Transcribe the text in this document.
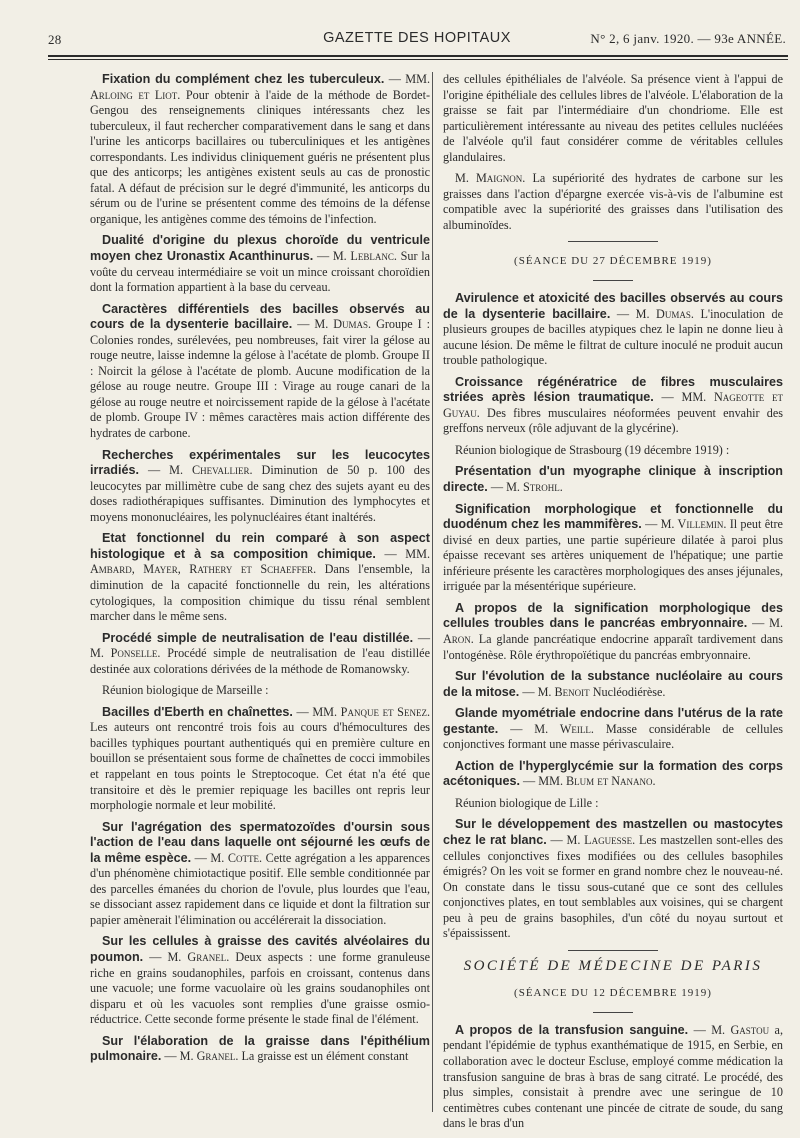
28	GAZETTE DES HOPITAUX	N° 2, 6 janv. 1920. — 93e ANNÉE.

Fixation du complément chez les tuberculeux. — MM. Arloing et Liot. Pour obtenir à l'aide de la méthode de Bordet-Gengou des renseignements cliniques intéressants chez les tuberculeux, il faut rechercher comparativement dans le sang et dans l'urine les anticorps bacillaires ou tuberculiniques et les antigènes correspondants. Les individus cliniquement guéris ne présentent plus que des anticorps; les antigènes existent seuls au cas de pronostic fatal. A défaut de précision sur le degré d'immunité, les anticorps du sérum ou de l'urine se présentent comme des témoins de la défense organique, les antigènes comme des témoins de l'infection.

Dualité d'origine du plexus choroïde du ventricule moyen chez Uronastix Acanthinurus. — M. Leblanc. Sur la voûte du cerveau intermédiaire se voit un mince croissant choroïdien dont la formation appartient à la base du cerveau.

Caractères différentiels des bacilles observés au cours de la dysenterie bacillaire. — M. Dumas. Groupe I : Colonies rondes, surélevées, peu nombreuses, fait virer la gélose au rouge neutre, laisse indemne la gélose à l'acétate de plomb. Groupe II : Noircit la gélose à l'acétate de plomb. Aucune modification de la gélose au rouge neutre. Groupe III : Virage au rouge canari de la gélose au rouge neutre et noircissement rapide de la gélose à l'acétate de plomb. Groupe IV : mêmes caractères mais action différente des hydrates de carbone.

Recherches expérimentales sur les leucocytes irradiés. — M. Chevallier. Diminution de 50 p. 100 des leucocytes par millimètre cube de sang chez des sujets ayant eu des doses radiothérapiques suffisantes. Diminution des lymphocytes et moyens mononucléaires, les polynucléaires étant inaltérés.

Etat fonctionnel du rein comparé à son aspect histologique et à sa composition chimique. — MM. Ambard, Mayer, Rathery et Schaeffer. Dans l'ensemble, la diminution de la capacité fonctionnelle du rein, les altérations cytologiques, la composition chimique du tissu rénal semblent marcher dans le même sens.

Procédé simple de neutralisation de l'eau distillée. — M. Ponselle. Procédé simple de neutralisation de l'eau distillée destinée aux colorations dérivées de la méthode de Romanowsky.

Réunion biologique de Marseille :

Bacilles d'Eberth en chaînettes. — MM. Panque et Senez. Les auteurs ont rencontré trois fois au cours d'hémocultures des bacilles typhiques pourtant authentiqués qui en première culture en bouillon se présentaient sous forme de chaînettes de cocci immobiles et rappelant en tous points le Streptocoque. Cet état n'a été que transitoire et dès le premier repiquage les bacilles ont repris leur morphologie normale et leur mobilité.

Sur l'agrégation des spermatozoïdes d'oursin sous l'action de l'eau dans laquelle ont séjourné les œufs de la même espèce. — M. Cotte. Cette agrégation a les apparences d'un phénomène chimiotactique positif. Elle semble conditionnée par des parcelles émanées du chorion de l'ovule, plus lourdes que l'eau, se dissociant assez rapidement dans ce liquide et dont la filtration sur papier amènerait l'élimination ou accélérerait la dissociation.

Sur les cellules à graisse des cavités alvéolaires du poumon. — M. Granel. Deux aspects : une forme granuleuse riche en grains soudanophiles, parfois en croissant, contenus dans une vacuole; une forme vacuolaire où les grains soudanophiles ont disparu et où les vacuoles sont remplies d'une graisse osmio-réductrice. Cette seconde forme présente le stade final de l'élément.

Sur l'élaboration de la graisse dans l'épithélium pulmonaire. — M. Granel. La graisse est un élément constant

des cellules épithéliales de l'alvéole. Sa présence vient à l'appui de l'origine épithéliale des cellules libres de l'alvéole. L'élaboration de la graisse se fait par l'intermédiaire d'un chondriome. Elle est particulièrement intéressante au niveau des petites cellules nucléées de l'alvéole qu'il faut considérer comme de véritables cellules glandulaires.

M. Maignon. La supériorité des hydrates de carbone sur les graisses dans l'action d'épargne exercée vis-à-vis de l'albumine est compatible avec la supériorité des graisses dans l'utilisation des albuminoïdes.

(SÉANCE DU 27 DÉCEMBRE 1919)

Avirulence et atoxicité des bacilles observés au cours de la dysenterie bacillaire. — M. Dumas. L'inoculation de plusieurs groupes de bacilles atypiques chez le lapin ne donne lieu à aucune lésion. De même le filtrat de culture inoculé ne produit aucun trouble pathologique.

Croissance régénératrice de fibres musculaires striées après lésion traumatique. — MM. Nageotte et Guyau. Des fibres musculaires néoformées peuvent envahir des greffons nerveux (rôle adjuvant de la glycérine).

Réunion biologique de Strasbourg (19 décembre 1919) :

Présentation d'un myographe clinique à inscription directe. — M. Strohl.

Signification morphologique et fonctionnelle du duodénum chez les mammifères. — M. Villemin. Il peut être divisé en deux parties, une partie supérieure dilatée à paroi plus épaisse recevant ses artères uniquement de l'hépatique; une partie inférieure présente les caractères morphologiques des anses jéjunales, irriguée par la mésentérique supérieure.

A propos de la signification morphologique des cellules troubles dans le pancréas embryonnaire. — M. Aron. La glande pancréatique endocrine apparaît tardivement dans l'ontogénèse. Rôle érythropoïétique du pancréas embryonnaire.

Sur l'évolution de la substance nucléolaire au cours de la mitose. — M. Benoit Nucléodiérèse.

Glande myométriale endocrine dans l'utérus de la rate gestante. — M. Weill. Masse considérable de cellules conjonctives formant une masse périvasculaire.

Action de l'hyperglycémie sur la formation des corps acétoniques. — MM. Blum et Nanano.

Réunion biologique de Lille :

Sur le développement des mastzellen ou mastocytes chez le rat blanc. — M. Laguesse. Les mastzellen sont-elles des cellules conjonctives fixes modifiées ou des cellules basophiles émigrés? On les voit se former en grand nombre chez le nouveau-né. On constate dans le tissu sous-cutané que ce sont des cellules conjonctives plates, en tout semblables aux voisines, qui se chargent peu à peu de grains basophiles, d'un côté du noyau surtout et s'épaississent.

SOCIÉTÉ DE MÉDECINE DE PARIS

(SÉANCE DU 12 DÉCEMBRE 1919)

A propos de la transfusion sanguine. — M. Gastou a, pendant l'épidémie de typhus exanthématique de 1915, en Serbie, en collaboration avec le docteur Escluse, employé comme médication la transfusion sanguine de bras à bras de sang citraté. Le procédé, des plus simples, consistait à prendre avec une seringue de 10 centimètres cubes contenant une pincée de citrate de soude, du sang dans le bras d'un
